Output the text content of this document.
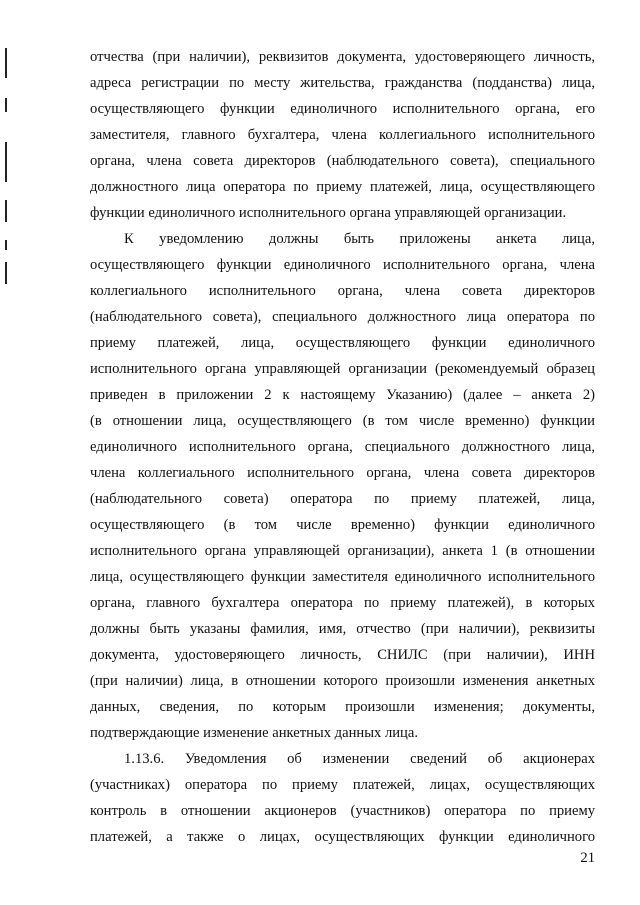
отчества (при наличии), реквизитов документа, удостоверяющего личность,
адреса регистрации по месту жительства, гражданства (подданства) лица,
осуществляющего функции единоличного исполнительного органа, его
заместителя, главного бухгалтера, члена коллегиального исполнительного
органа, члена совета директоров (наблюдательного совета), специального
должностного лица оператора по приему платежей, лица, осуществляющего
функции единоличного исполнительного органа управляющей организации.
К уведомлению должны быть приложены анкета лица,
осуществляющего функции единоличного исполнительного органа, члена
коллегиального исполнительного органа, члена совета директоров
(наблюдательного совета), специального должностного лица оператора по
приему платежей, лица, осуществляющего функции единоличного
исполнительного органа управляющей организации (рекомендуемый образец
приведен в приложении 2 к настоящему Указанию) (далее – анкета 2)
(в отношении лица, осуществляющего (в том числе временно) функции
единоличного исполнительного органа, специального должностного лица,
члена коллегиального исполнительного органа, члена совета директоров
(наблюдательного совета) оператора по приему платежей, лица,
осуществляющего (в том числе временно) функции единоличного
исполнительного органа управляющей организации), анкета 1 (в отношении
лица, осуществляющего функции заместителя единоличного исполнительного
органа, главного бухгалтера оператора по приему платежей), в которых
должны быть указаны фамилия, имя, отчество (при наличии), реквизиты
документа, удостоверяющего личность, СНИЛС (при наличии), ИНН
(при наличии) лица, в отношении которого произошли изменения анкетных
данных, сведения, по которым произошли изменения; документы,
подтверждающие изменение анкетных данных лица.
1.13.6. Уведомления об изменении сведений об акционерах
(участниках) оператора по приему платежей, лицах, осуществляющих
контроль в отношении акционеров (участников) оператора по приему
платежей, а также о лицах, осуществляющих функции единоличного
21
